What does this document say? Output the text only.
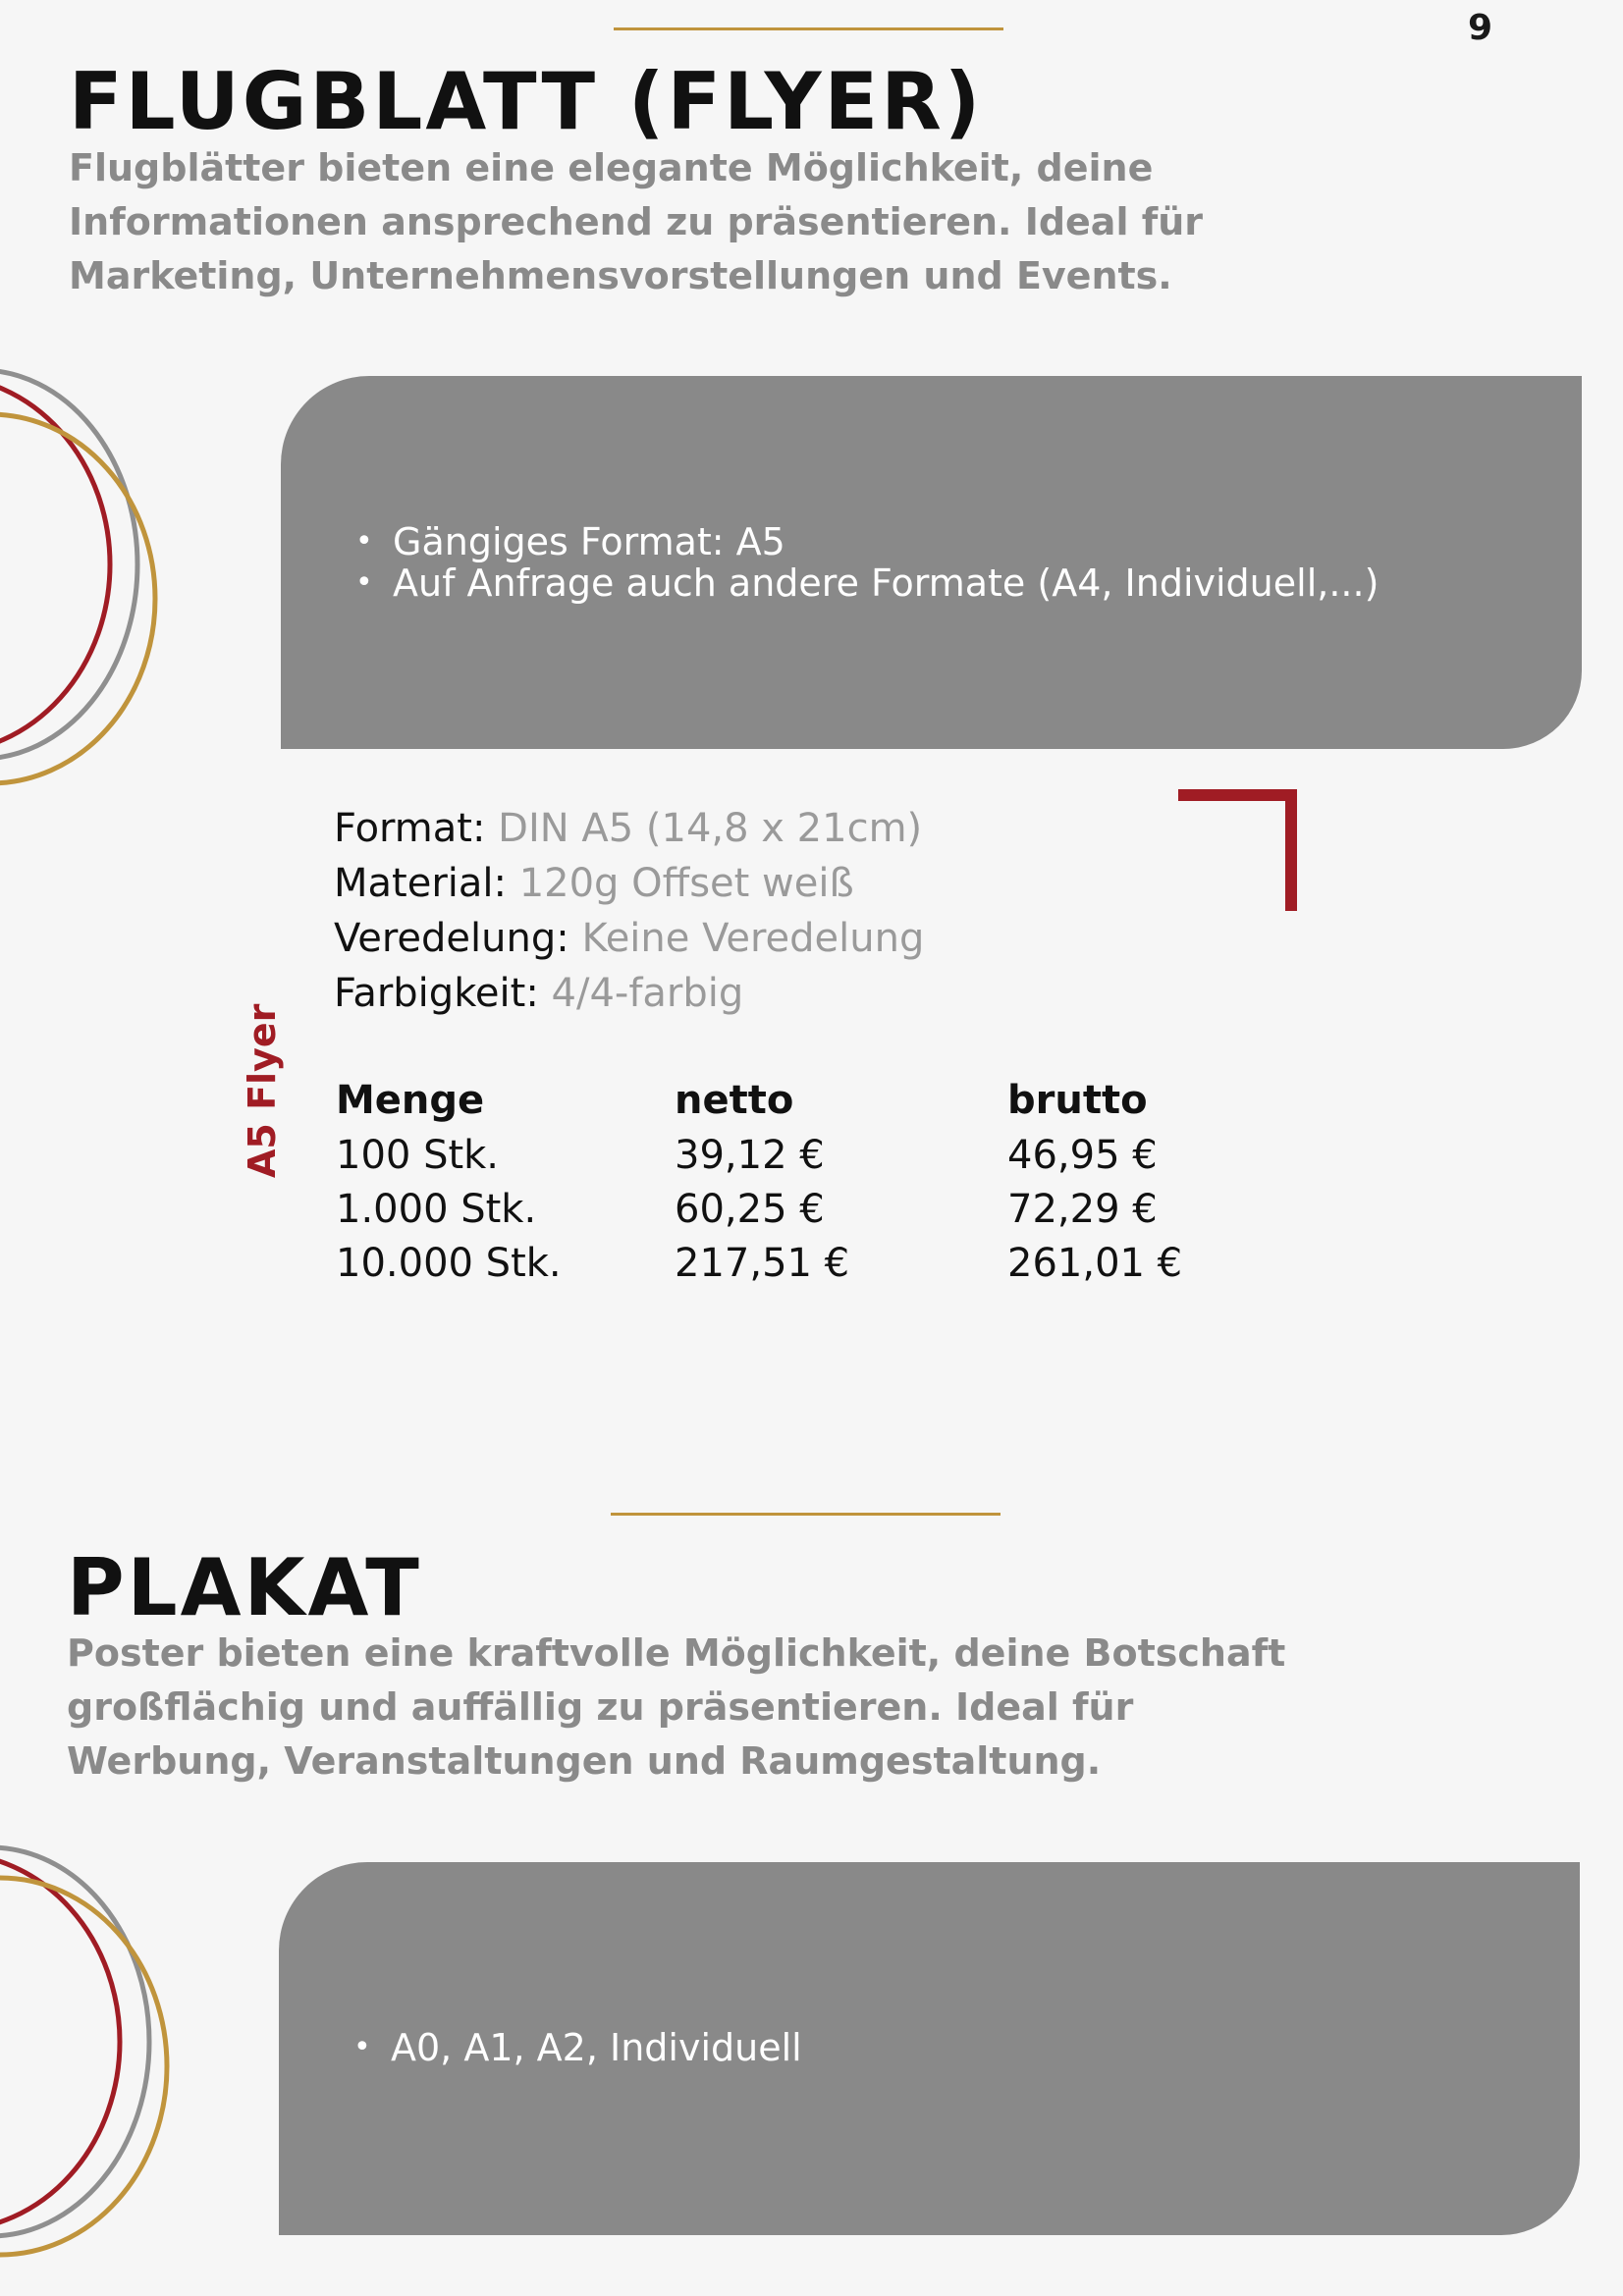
9
FLUGBLATT (FLYER)
Flugblätter bieten eine elegante Möglichkeit, deine
Informationen ansprechend zu präsentieren. Ideal für
Marketing, Unternehmensvorstellungen und Events.
• Gängiges Format: A5
• Auf Anfrage auch andere Formate (A4, Individuell,...)
A5 Flyer
Format: DIN A5 (14,8 x 21cm)
Material: 120g Offset weiß
Veredelung: Keine Veredelung
Farbigkeit: 4/4-farbig
Menge	netto	brutto
100 Stk.	39,12 €	46,95 €
1.000 Stk.	60,25 €	72,29 €
10.000 Stk.	217,51 €	261,01 €
PLAKAT
Poster bieten eine kraftvolle Möglichkeit, deine Botschaft
großflächig und auffällig zu präsentieren. Ideal für
Werbung, Veranstaltungen und Raumgestaltung.
• A0, A1, A2, Individuell
